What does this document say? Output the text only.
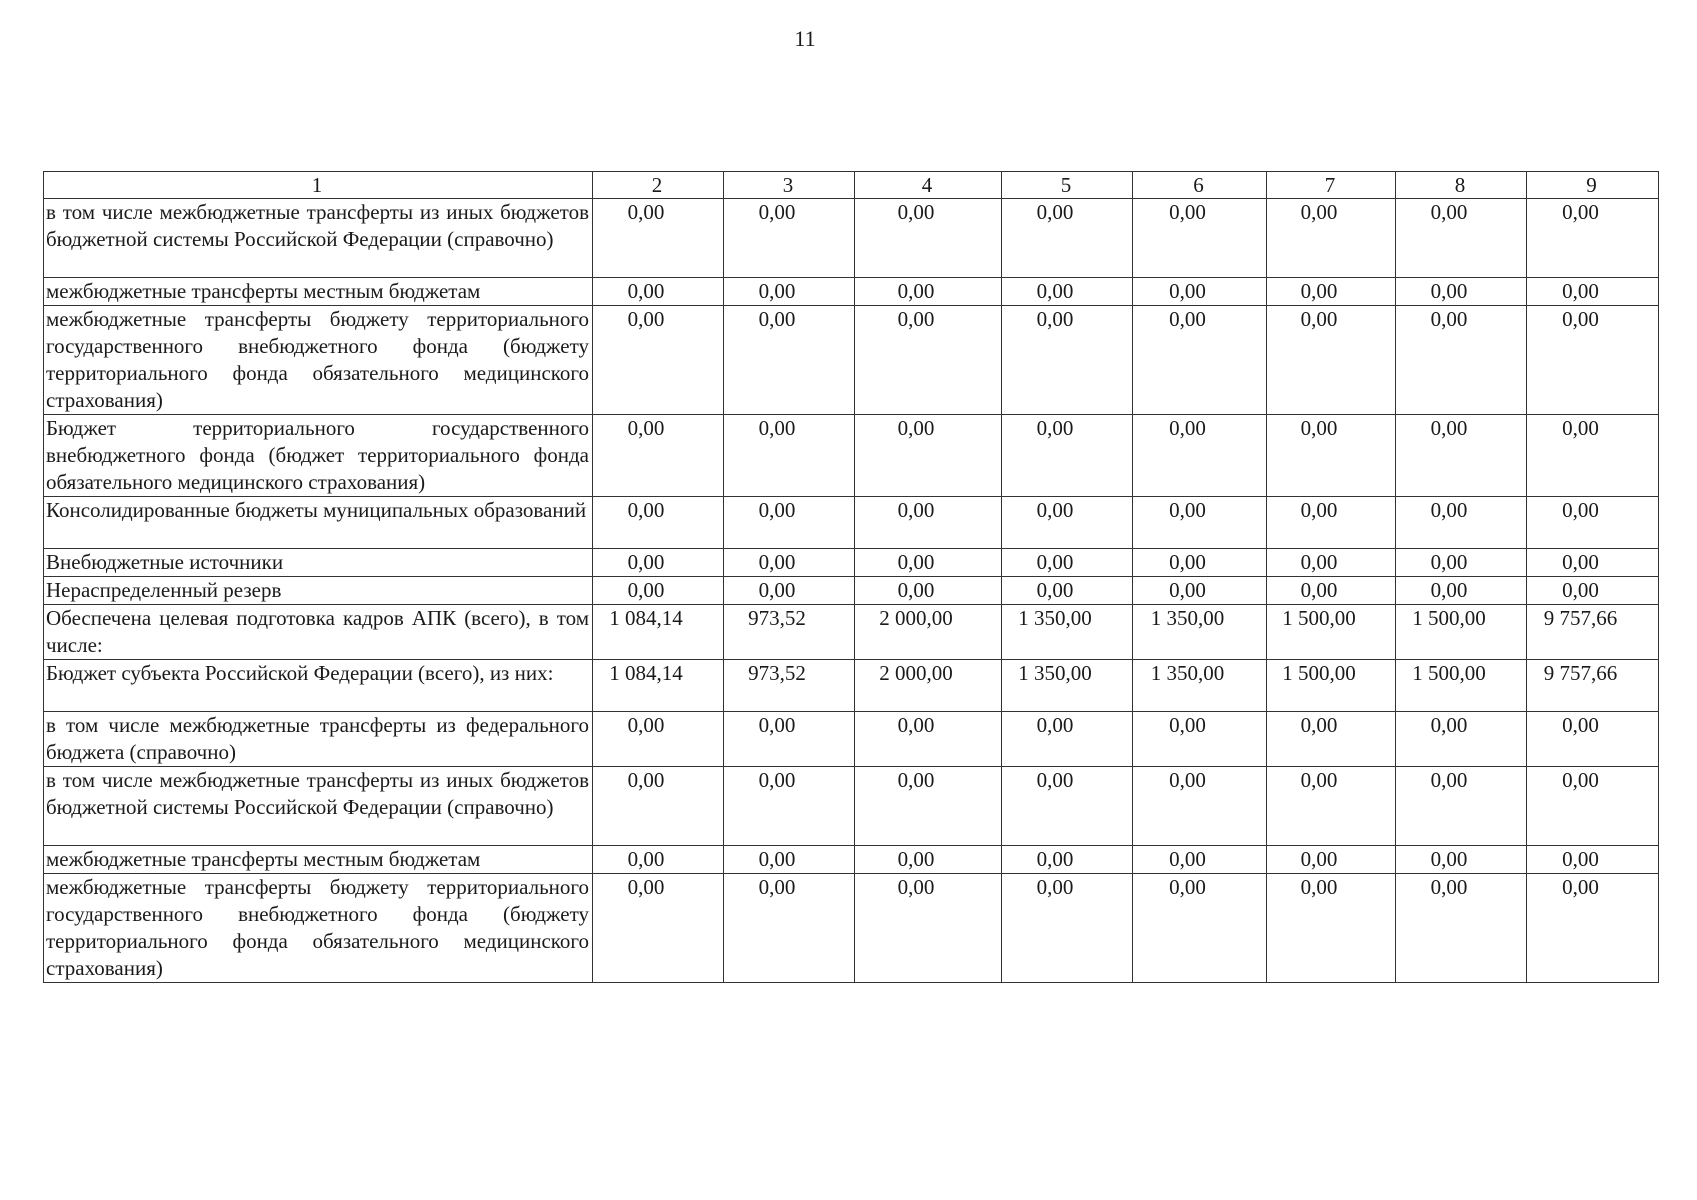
11
1	2	3	4	5	6	7	8	9
в том числе межбюджетные трансферты из иных бюджетов бюджетной системы Российской Федерации (справочно)	0,00	0,00	0,00	0,00	0,00	0,00	0,00	0,00
межбюджетные трансферты местным бюджетам	0,00	0,00	0,00	0,00	0,00	0,00	0,00	0,00
межбюджетные трансферты бюджету территориального государственного внебюджетного фонда (бюджету территориального фонда обязательного медицинского страхования)	0,00	0,00	0,00	0,00	0,00	0,00	0,00	0,00
Бюджет территориального государственного внебюджетного фонда (бюджет территориального фонда обязательного медицинского страхования)	0,00	0,00	0,00	0,00	0,00	0,00	0,00	0,00
Консолидированные бюджеты муниципальных образований	0,00	0,00	0,00	0,00	0,00	0,00	0,00	0,00
Внебюджетные источники	0,00	0,00	0,00	0,00	0,00	0,00	0,00	0,00
Нераспределенный резерв	0,00	0,00	0,00	0,00	0,00	0,00	0,00	0,00
Обеспечена целевая подготовка кадров АПК (всего), в том числе:	1 084,14	973,52	2 000,00	1 350,00	1 350,00	1 500,00	1 500,00	9 757,66
Бюджет субъекта Российской Федерации (всего), из них:	1 084,14	973,52	2 000,00	1 350,00	1 350,00	1 500,00	1 500,00	9 757,66
в том числе межбюджетные трансферты из федерального бюджета (справочно)	0,00	0,00	0,00	0,00	0,00	0,00	0,00	0,00
в том числе межбюджетные трансферты из иных бюджетов бюджетной системы Российской Федерации (справочно)	0,00	0,00	0,00	0,00	0,00	0,00	0,00	0,00
межбюджетные трансферты местным бюджетам	0,00	0,00	0,00	0,00	0,00	0,00	0,00	0,00
межбюджетные трансферты бюджету территориального государственного внебюджетного фонда (бюджету территориального фонда обязательного медицинского страхования)	0,00	0,00	0,00	0,00	0,00	0,00	0,00	0,00
